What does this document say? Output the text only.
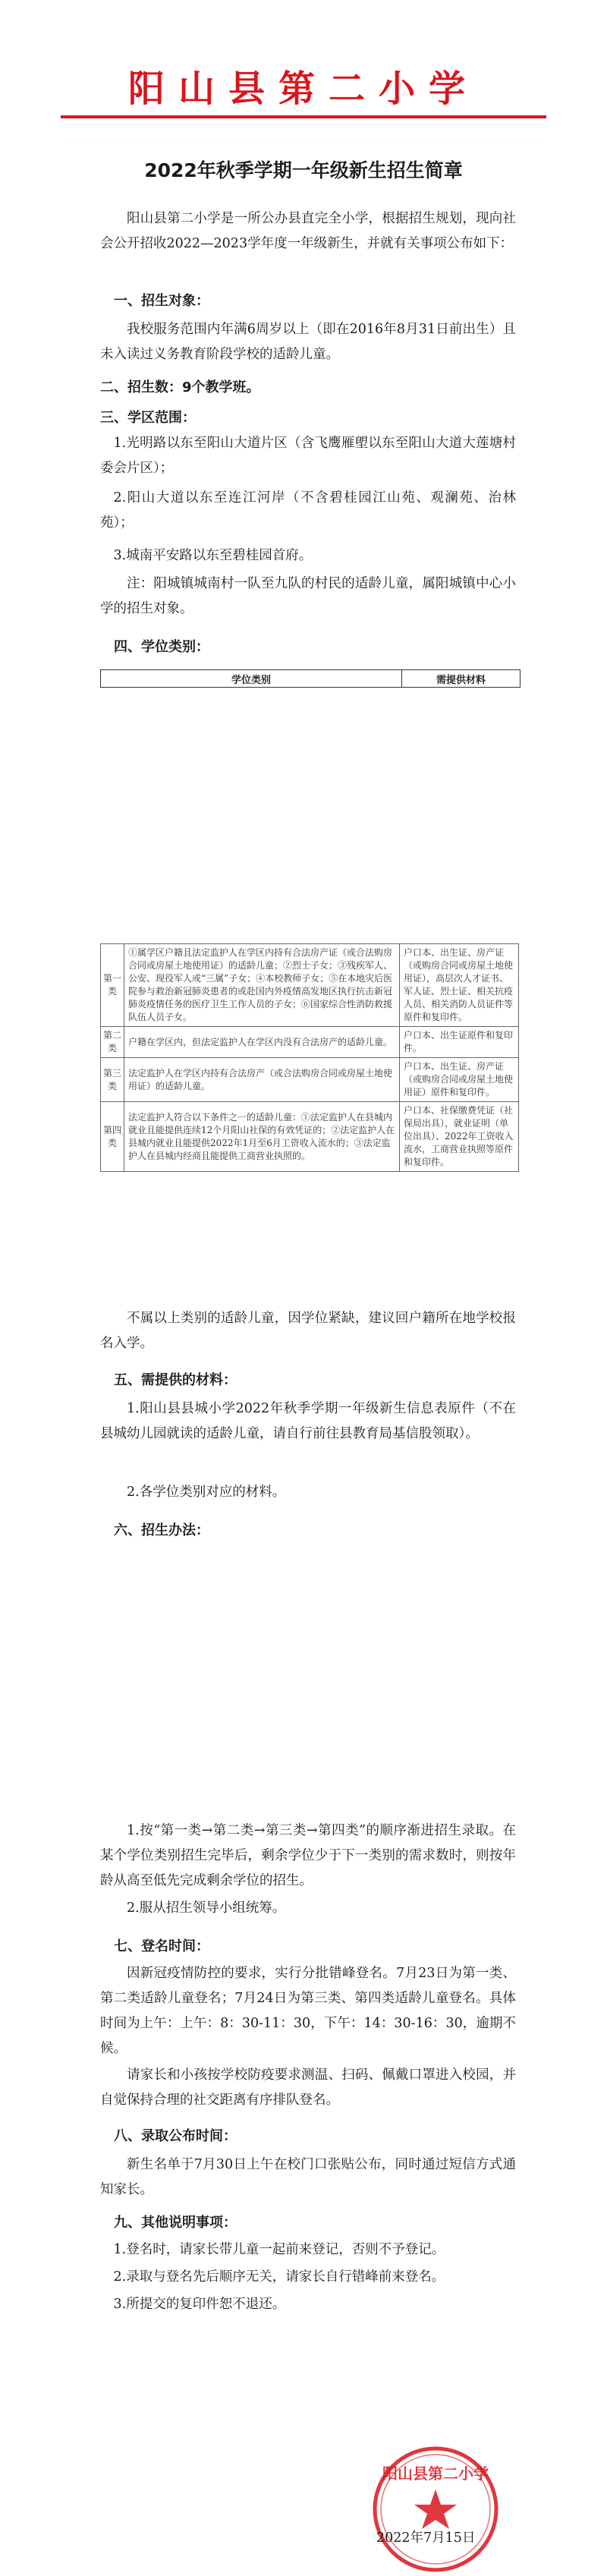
阳山县第二小学
2022年秋季学期一年级新生招生简章
阳山县第二小学是一所公办县直完全小学，根据招生规划，现向社会公开招收2022—2023学年度一年级新生，并就有关事项公布如下：
一、招生对象：
我校服务范围内年满6周岁以上（即在2016年8月31日前出生）且未入读过义务教育阶段学校的适龄儿童。
二、招生数：9个教学班。
三、学区范围：
1.光明路以东至阳山大道片区（含飞鹰雁塱以东至阳山大道大莲塘村委会片区）；
2.阳山大道以东至连江河岸（不含碧桂园江山苑、观澜苑、治林苑）；
3.城南平安路以东至碧桂园首府。
注：阳城镇城南村一队至九队的村民的适龄儿童，属阳城镇中心小学的招生对象。
四、学位类别：
学位类别	需提供材料
第一类	①属学区户籍且法定监护人在学区内持有合法房产证（或合法购房合同或房屋土地使用证）的适龄儿童；②烈士子女；③残疾军人、公安、现役军人或“三属”子女；④本校教师子女；⑤在本地灾后医院参与救治新冠肺炎患者的或赴国内外疫情高发地区执行抗击新冠肺炎疫情任务的医疗卫生工作人员的子女；⑥国家综合性消防救援队伍人员子女。	户口本、出生证、房产证（或购房合同或房屋土地使用证），高层次人才证书、军人证、烈士证、相关抗疫人员、相关消防人员证件等原件和复印件。
第二类	户籍在学区内，但法定监护人在学区内没有合法房产的适龄儿童。	户口本、出生证原件和复印件。
第三类	法定监护人在学区内持有合法房产（或合法购房合同或房屋土地使用证）的适龄儿童。	户口本、出生证、房产证（或购房合同或房屋土地使用证）原件和复印件。
第四类	法定监护人符合以下条件之一的适龄儿童：①法定监护人在县城内就业且能提供连续12个月阳山社保的有效凭证的；②法定监护人在县城内就业且能提供2022年1月至6月工资收入流水的；③法定监护人在县城内经商且能提供工商营业执照的。	户口本、社保缴费凭证（社保局出具），就业证明（单位出具）、2022年工资收入流水，工商营业执照等原件和复印件。
不属以上类别的适龄儿童，因学位紧缺，建议回户籍所在地学校报名入学。
五、需提供的材料：
1.阳山县县城小学2022年秋季学期一年级新生信息表原件（不在县城幼儿园就读的适龄儿童，请自行前往县教育局基信股领取）。
2.各学位类别对应的材料。
六、招生办法：
1.按“第一类→第二类→第三类→第四类”的顺序渐进招生录取。在某个学位类别招生完毕后，剩余学位少于下一类别的需求数时，则按年龄从高至低先完成剩余学位的招生。
2.服从招生领导小组统筹。
七、登名时间：
因新冠疫情防控的要求，实行分批错峰登名。7月23日为第一类、第二类适龄儿童登名；7月24日为第三类、第四类适龄儿童登名。具体时间为上午：上午：8：30-11：30，下午：14：30-16：30，逾期不候。
请家长和小孩按学校防疫要求测温、扫码、佩戴口罩进入校园，并自觉保持合理的社交距离有序排队登名。
八、录取公布时间：
新生名单于7月30日上午在校门口张贴公布，同时通过短信方式通知家长。
九、其他说明事项：
1.登名时，请家长带儿童一起前来登记，否则不予登记。
2.录取与登名先后顺序无关，请家长自行错峰前来登名。
3.所提交的复印件恕不退还。
阳山县第二小学
2022年7月15日
